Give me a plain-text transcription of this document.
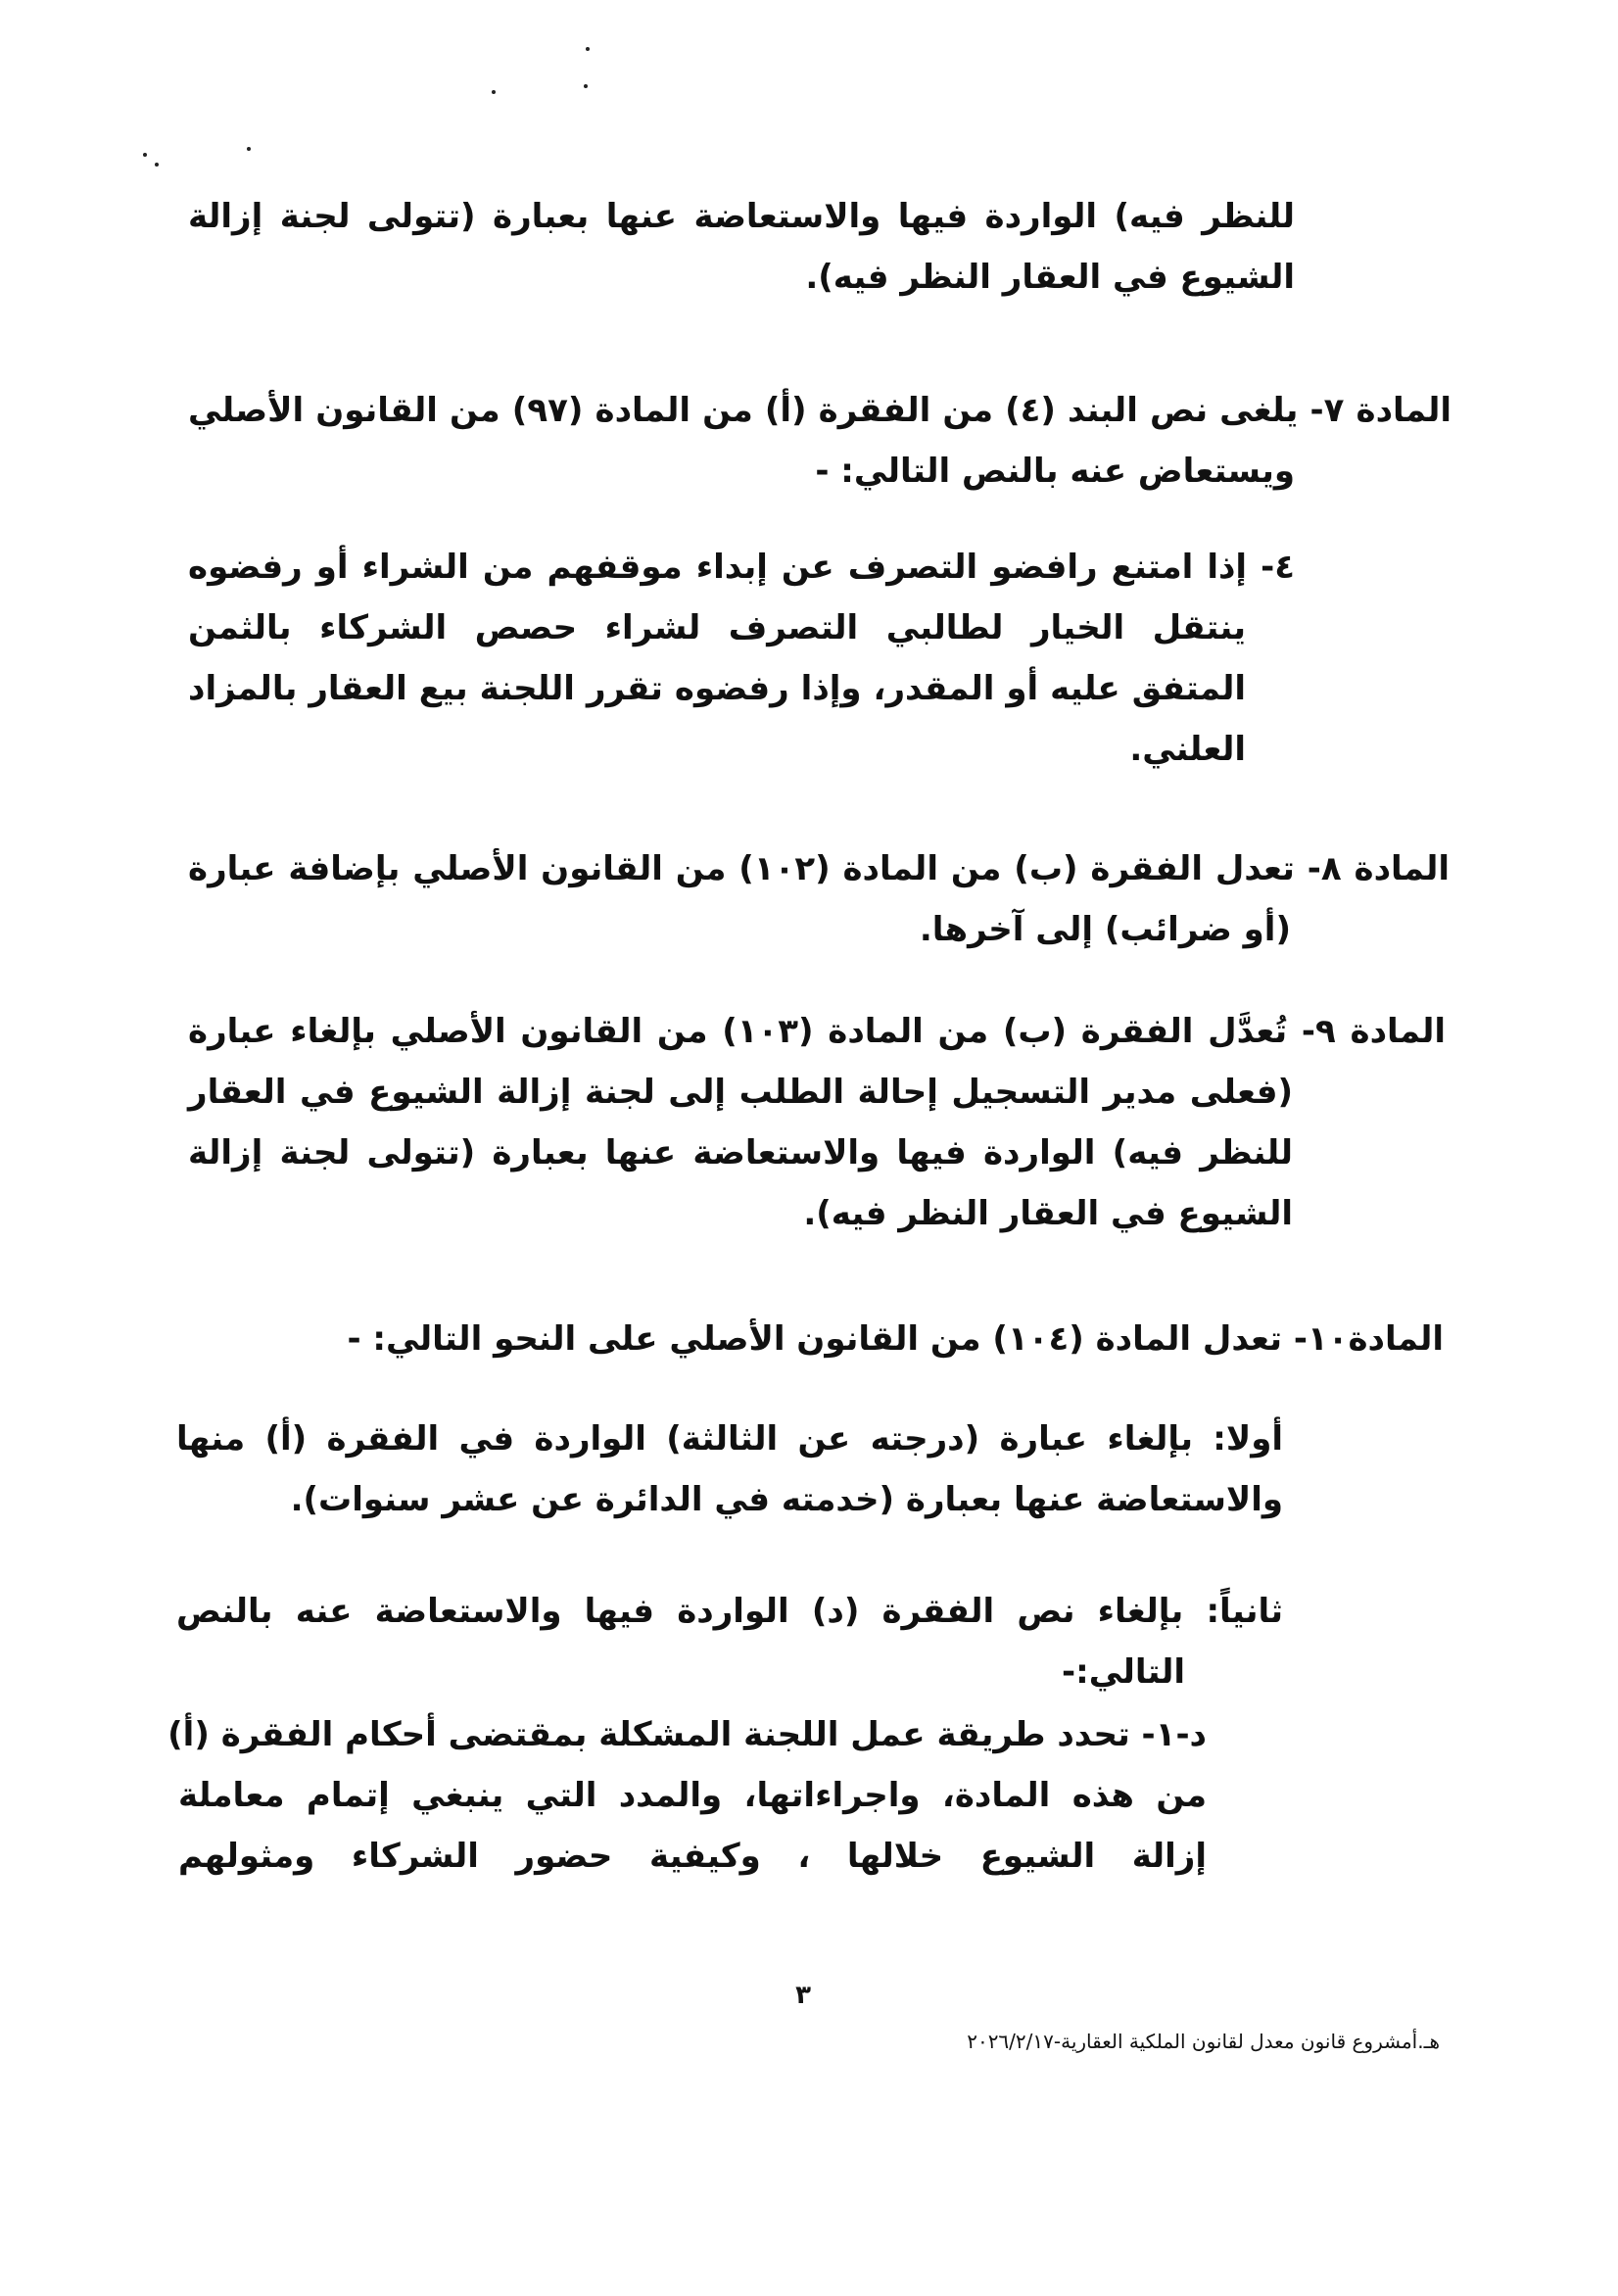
للنظر فيه) الواردة فيها والاستعاضة عنها بعبارة (تتولى لجنة إزالة
الشيوع في العقار النظر فيه).
المادة ٧- يلغى نص البند (٤) من الفقرة (أ) من المادة (٩٧) من القانون الأصلي
ويستعاض عنه بالنص التالي: -
٤- إذا امتنع رافضو التصرف عن إبداء موقفهم من الشراء أو رفضوه
ينتقل الخيار لطالبي التصرف لشراء حصص الشركاء بالثمن
المتفق عليه أو المقدر، وإذا رفضوه تقرر اللجنة بيع العقار بالمزاد
العلني.
المادة ٨- تعدل الفقرة (ب) من المادة (١٠٢) من القانون الأصلي بإضافة عبارة
(أو ضرائب) إلى آخرها.
المادة ٩- تُعدَّل الفقرة (ب) من المادة (١٠٣) من القانون الأصلي بإلغاء عبارة
(فعلى مدير التسجيل إحالة الطلب إلى لجنة إزالة الشيوع في العقار
للنظر فيه) الواردة فيها والاستعاضة عنها بعبارة (تتولى لجنة إزالة
الشيوع في العقار النظر فيه).
المادة١٠- تعدل المادة (١٠٤) من القانون الأصلي على النحو التالي: -
أولا: بإلغاء عبارة (درجته عن الثالثة) الواردة في الفقرة (أ) منها
والاستعاضة عنها بعبارة (خدمته في الدائرة عن عشر سنوات).
ثانياً: بإلغاء نص الفقرة (د) الواردة فيها والاستعاضة عنه بالنص
التالي:-
د-١- تحدد طريقة عمل اللجنة المشكلة بمقتضى أحكام الفقرة (أ)
من هذه المادة، واجراءاتها، والمدد التي ينبغي إتمام معاملة
إزالة الشيوع خلالها ، وكيفية حضور الشركاء ومثولهم
٣
هـ.أمشروع قانون معدل لقانون الملكية العقارية-٢٠٢٦/٢/١٧
